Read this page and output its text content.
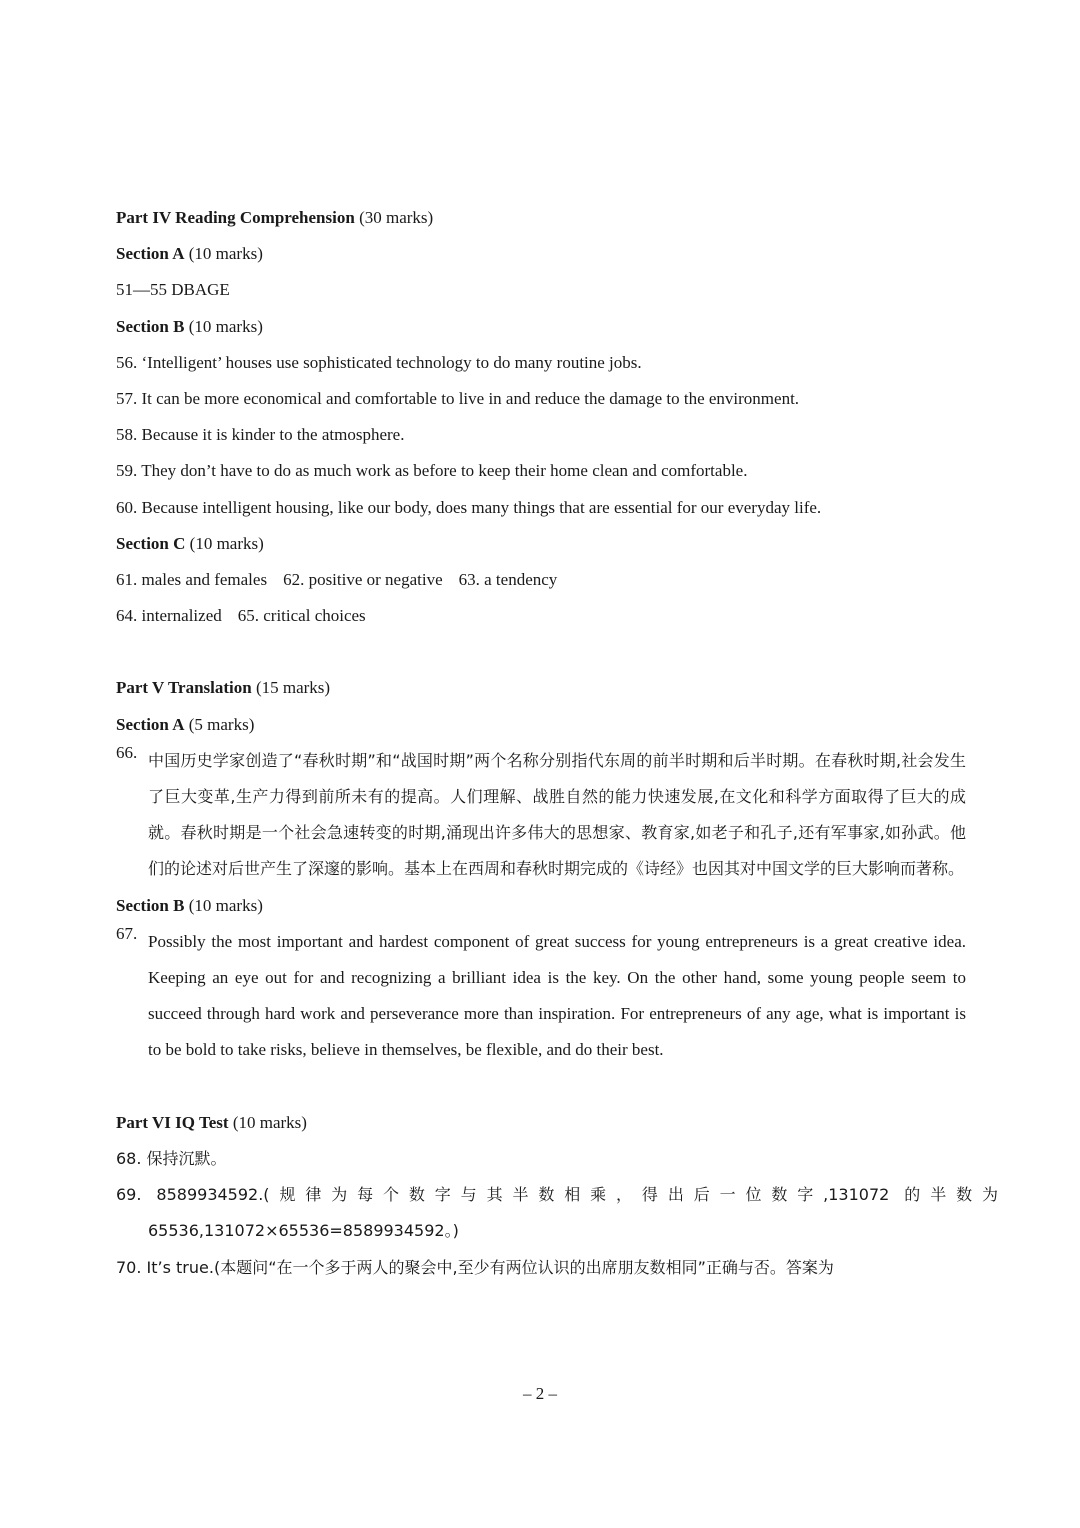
Part IV Reading Comprehension (30 marks)
Section A (10 marks)
51—55 DBAGE
Section B (10 marks)
56. ‘Intelligent’ houses use sophisticated technology to do many routine jobs.
57. It can be more economical and comfortable to live in and reduce the damage to the environment.
58. Because it is kinder to the atmosphere.
59. They don’t have to do as much work as before to keep their home clean and comfortable.
60. Because intelligent housing, like our body, does many things that are essential for our everyday life.
Section C (10 marks)
61. males and females 62. positive or negative 63. a tendency
64. internalized 65. critical choices
Part V Translation (15 marks)
Section A (5 marks)
66. 中国历史学家创造了“春秋时期”和“战国时期”两个名称分别指代东周的前半时期和后半时期。在春秋时期,社会发生了巨大变革,生产力得到前所未有的提高。人们理解、战胜自然的能力快速发展,在文化和科学方面取得了巨大的成就。春秋时期是一个社会急速转变的时期,涌现出许多伟大的思想家、教育家,如老子和孔子,还有军事家,如孙武。他们的论述对后世产生了深邃的影响。基本上在西周和春秋时期完成的《诗经》也因其对中国文学的巨大影响而著称。
Section B (10 marks)
67. Possibly the most important and hardest component of great success for young entrepreneurs is a great creative idea. Keeping an eye out for and recognizing a brilliant idea is the key. On the other hand, some young people seem to succeed through hard work and perseverance more than inspiration. For entrepreneurs of any age, what is important is to be bold to take risks, believe in themselves, be flexible, and do their best.
Part VI IQ Test (10 marks)
68. 保持沉默。
69. 8589934592.(规律为每个数字与其半数相乘，得出后一位数字,131072 的半数为 65536,131072×65536=8589934592。)
70. It’s true.(本题问“在一个多于两人的聚会中,至少有两位认识的出席朋友数相同”正确与否。答案为
– 2 –
